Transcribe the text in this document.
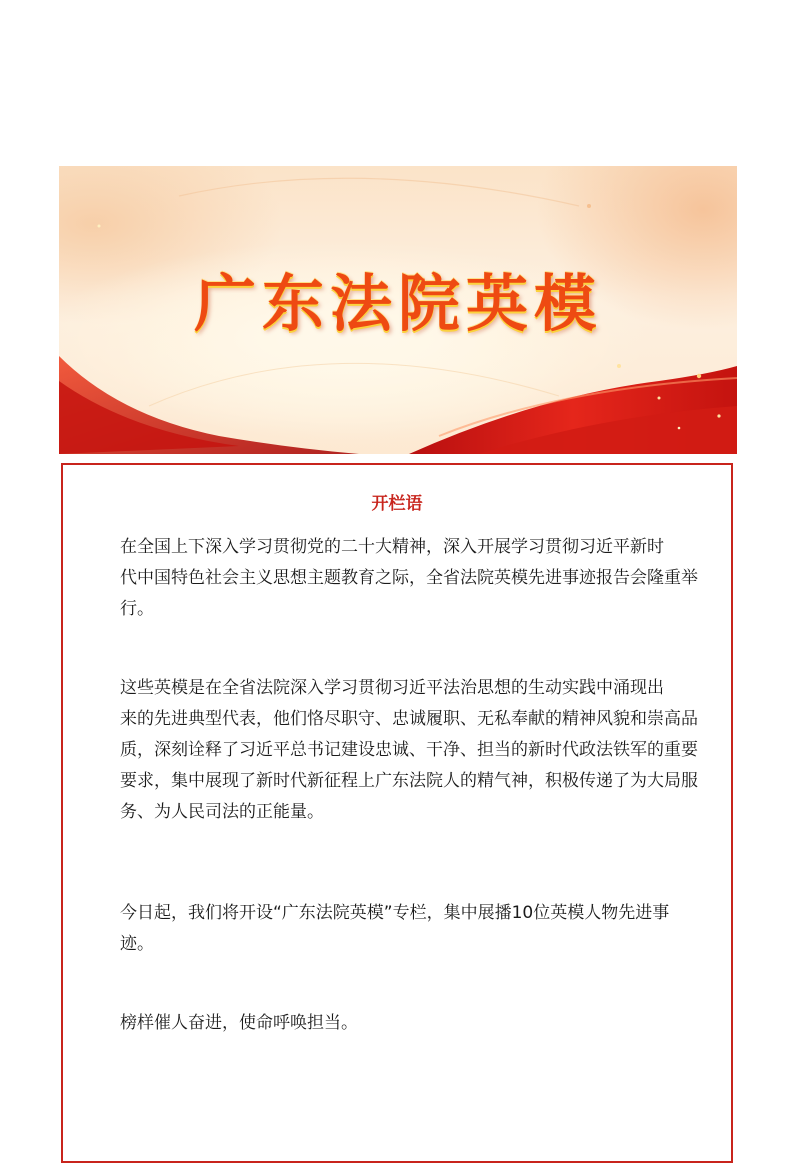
广东法院英模
开栏语

在全国上下深入学习贯彻党的二十大精神，深入开展学习贯彻习近平新时
代中国特色社会主义思想主题教育之际，全省法院英模先进事迹报告会隆重举
行。

这些英模是在全省法院深入学习贯彻习近平法治思想的生动实践中涌现出
来的先进典型代表，他们恪尽职守、忠诚履职、无私奉献的精神风貌和崇高品
质，深刻诠释了习近平总书记建设忠诚、干净、担当的新时代政法铁军的重要
要求，集中展现了新时代新征程上广东法院人的精气神，积极传递了为大局服
务、为人民司法的正能量。

今日起，我们将开设“广东法院英模”专栏，集中展播10位英模人物先进事
迹。

榜样催人奋进，使命呼唤担当。
